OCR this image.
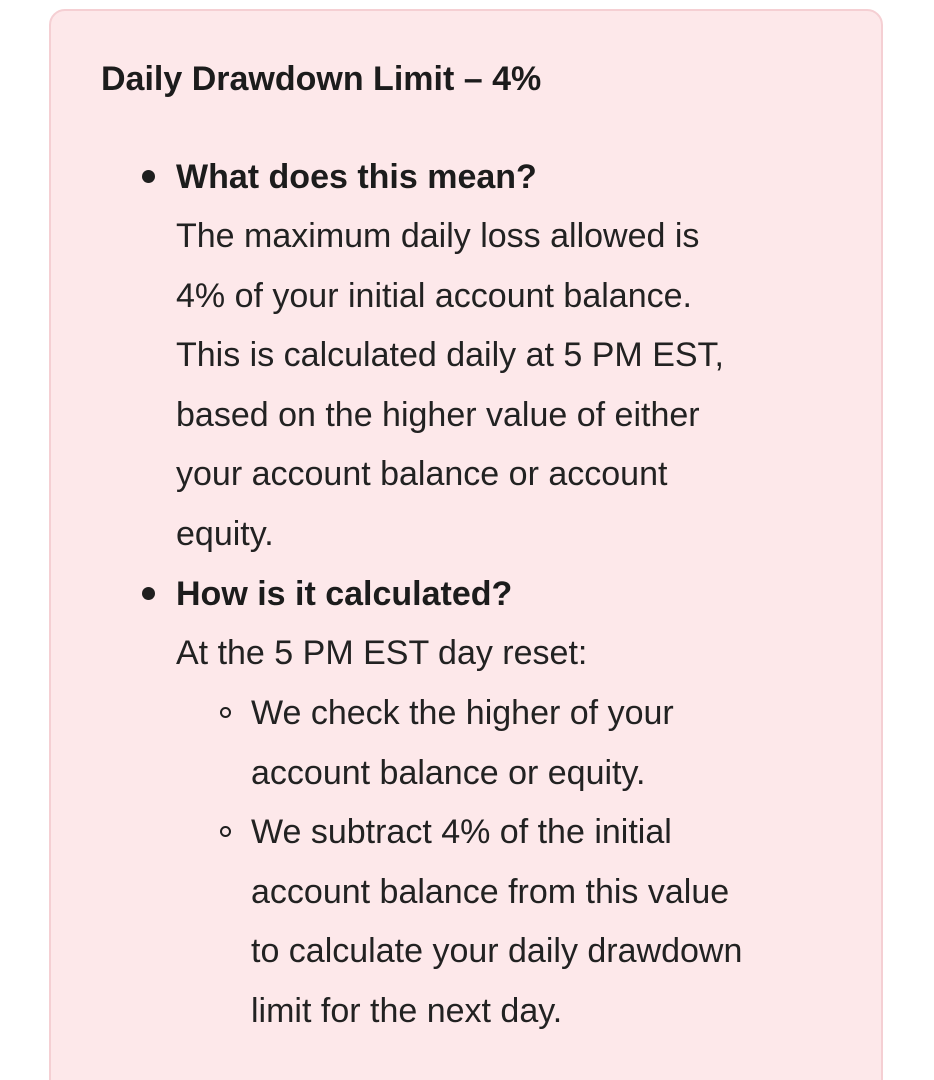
Daily Drawdown Limit – 4%
What does this mean?
The maximum daily loss allowed is
4% of your initial account balance.
This is calculated daily at 5 PM EST,
based on the higher value of either
your account balance or account
equity.
How is it calculated?
At the 5 PM EST day reset:
We check the higher of your
account balance or equity.
We subtract 4% of the initial
account balance from this value
to calculate your daily drawdown
limit for the next day.
